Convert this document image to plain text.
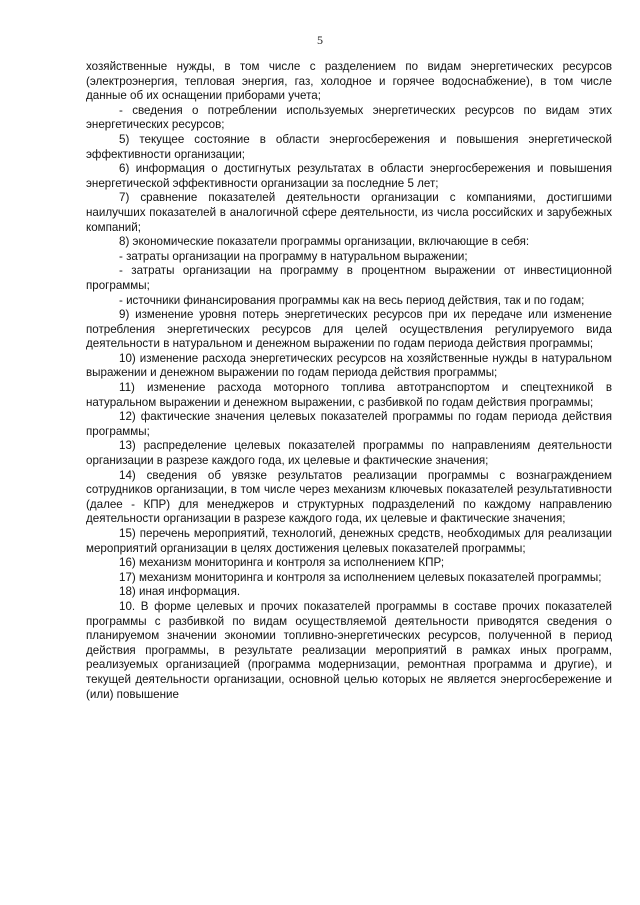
5

хозяйственные нужды, в том числе с разделением по видам энергетических ресурсов (электроэнергия, тепловая энергия, газ, холодное и горячее водоснабжение), в том числе данные об их оснащении приборами учета;

- сведения о потреблении используемых энергетических ресурсов по видам этих энергетических ресурсов;

5) текущее состояние в области энергосбережения и повышения энергетической эффективности организации;

6) информация о достигнутых результатах в области энергосбережения и повышения энергетической эффективности организации за последние 5 лет;

7) сравнение показателей деятельности организации с компаниями, достигшими наилучших показателей в аналогичной сфере деятельности, из числа российских и зарубежных компаний;

8) экономические показатели программы организации, включающие в себя:

- затраты организации на программу в натуральном выражении;

- затраты организации на программу в процентном выражении от инвестиционной программы;

- источники финансирования программы как на весь период действия, так и по годам;

9) изменение уровня потерь энергетических ресурсов при их передаче или изменение потребления энергетических ресурсов для целей осуществления регулируемого вида деятельности в натуральном и денежном выражении по годам периода действия программы;

10) изменение расхода энергетических ресурсов на хозяйственные нужды в натуральном выражении и денежном выражении по годам периода действия программы;

11) изменение расхода моторного топлива автотранспортом и спецтехникой в натуральном выражении и денежном выражении, с разбивкой по годам действия программы;

12) фактические значения целевых показателей программы по годам периода действия программы;

13) распределение целевых показателей программы по направлениям деятельности организации в разрезе каждого года, их целевые и фактические значения;

14) сведения об увязке результатов реализации программы с вознаграждением сотрудников организации, в том числе через механизм ключевых показателей результативности (далее - КПР) для менеджеров и структурных подразделений по каждому направлению деятельности организации в разрезе каждого года, их целевые и фактические значения;

15) перечень мероприятий, технологий, денежных средств, необходимых для реализации мероприятий организации в целях достижения целевых показателей программы;

16) механизм мониторинга и контроля за исполнением КПР;

17) механизм мониторинга и контроля за исполнением целевых показателей программы;

18) иная информация.

10. В форме целевых и прочих показателей программы в составе прочих показателей программы с разбивкой по видам осуществляемой деятельности приводятся сведения о планируемом значении экономии топливно-энергетических ресурсов, полученной в период действия программы, в результате реализации мероприятий в рамках иных программ, реализуемых организацией (программа модернизации, ремонтная программа и другие), и текущей деятельности организации, основной целью которых не является энергосбережение и (или) повышение
